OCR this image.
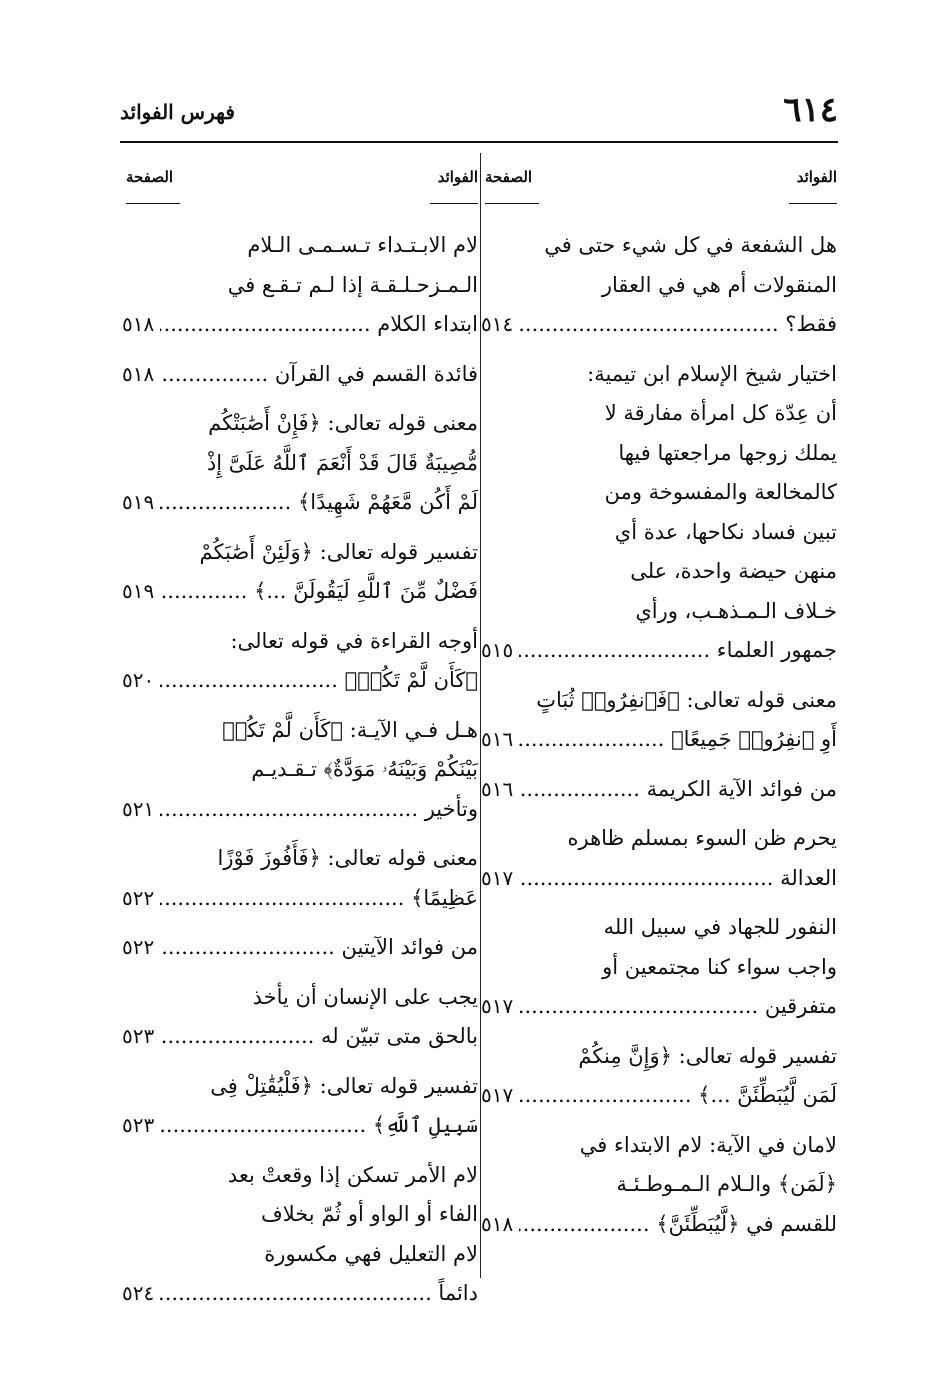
٦١٤
فهرس الفوائد
الفوائد
الصفحة
هل الشفعة في كل شيء حتى في
المنقولات أم هي في العقار
فقط؟ .....
٥١٤
اختيار شيخ الإسلام ابن تيمية:
أن عِدّة كل امرأة مفارقة لا
يملك زوجها مراجعتها فيها
كالمخالعة والمفسوخة ومن
تبين فساد نكاحها، عدة أي
منهن حيضة واحدة، على
خـلاف الـمـذهـب، ورأي
جمهور العلماء .....
٥١٥
معنى قوله تعالى: ﴿فَٱنفِرُوا۟ ثُبَاتٍ
أَوِ ٱنفِرُوا۟ جَمِيعًا﴾ .....
٥١٦
من فوائد الآية الكريمة .....
٥١٦
يحرم ظن السوء بمسلم ظاهره
العدالة .....
٥١٧
النفور للجهاد في سبيل الله
واجب سواء كنا مجتمعين أو
متفرقين .....
٥١٧
تفسير قوله تعالى: ﴿وَإِنَّ مِنكُمْ
لَمَن لَّيُبَطِّئَنَّ ...﴾ .....
٥١٧
لامان في الآية: لام الابتداء في
﴿لَمَن﴾ والـلام الـمـوطـئـة
للقسم في ﴿لَّيُبَطِّئَنَّ﴾ .....
٥١٨
الفوائد
الصفحة
لام الابـتـداء تـسـمـى الـلام
الـمـزحـلـقـة إذا لـم تـقـع في
ابتداء الكلام .....
٥١٨
فائدة القسم في القرآن .....
٥١٨
معنى قوله تعالى: ﴿فَإِنْ أَصَٰبَتْكُم
مُّصِيبَةٌ قَالَ قَدْ أَنْعَمَ ٱللَّهُ عَلَىَّ إِذْ
لَمْ أَكُن مَّعَهُمْ شَهِيدًا﴾ .....
٥١٩
تفسير قوله تعالى: ﴿وَلَئِنْ أَصَٰبَكُمْ
فَضْلٌ مِّنَ ٱللَّهِ لَيَقُولَنَّ ...﴾ .....
٥١٩
أوجه القراءة في قوله تعالى:
﴿كَأَن لَّمْ تَكُنۢ﴾ .....
٥٢٠
هـل فـي الآيـة: ﴿كَأَن لَّمْ تَكُنۢ
بَيْنَكُمْ وَبَيْنَهُۥ مَوَدَّةٌ﴾ تـقـديـم
وتأخير .....
٥٢١
معنى قوله تعالى: ﴿فَأَفُوزَ فَوْزًا
عَظِيمًا﴾ .....
٥٢٢
من فوائد الآيتين .....
٥٢٢
يجب على الإنسان أن يأخذ
بالحق متى تبيّن له .....
٥٢٣
تفسير قوله تعالى: ﴿فَلْيُقَٰتِلْ فِى
سَبِيلِ ٱللَّهِ﴾ .....
٥٢٣
لام الأمر تسكن إذا وقعتْ بعد
الفاء أو الواو أو ثُمّ بخلاف
لام التعليل فهي مكسورة
دائماً .....
٥٢٤
